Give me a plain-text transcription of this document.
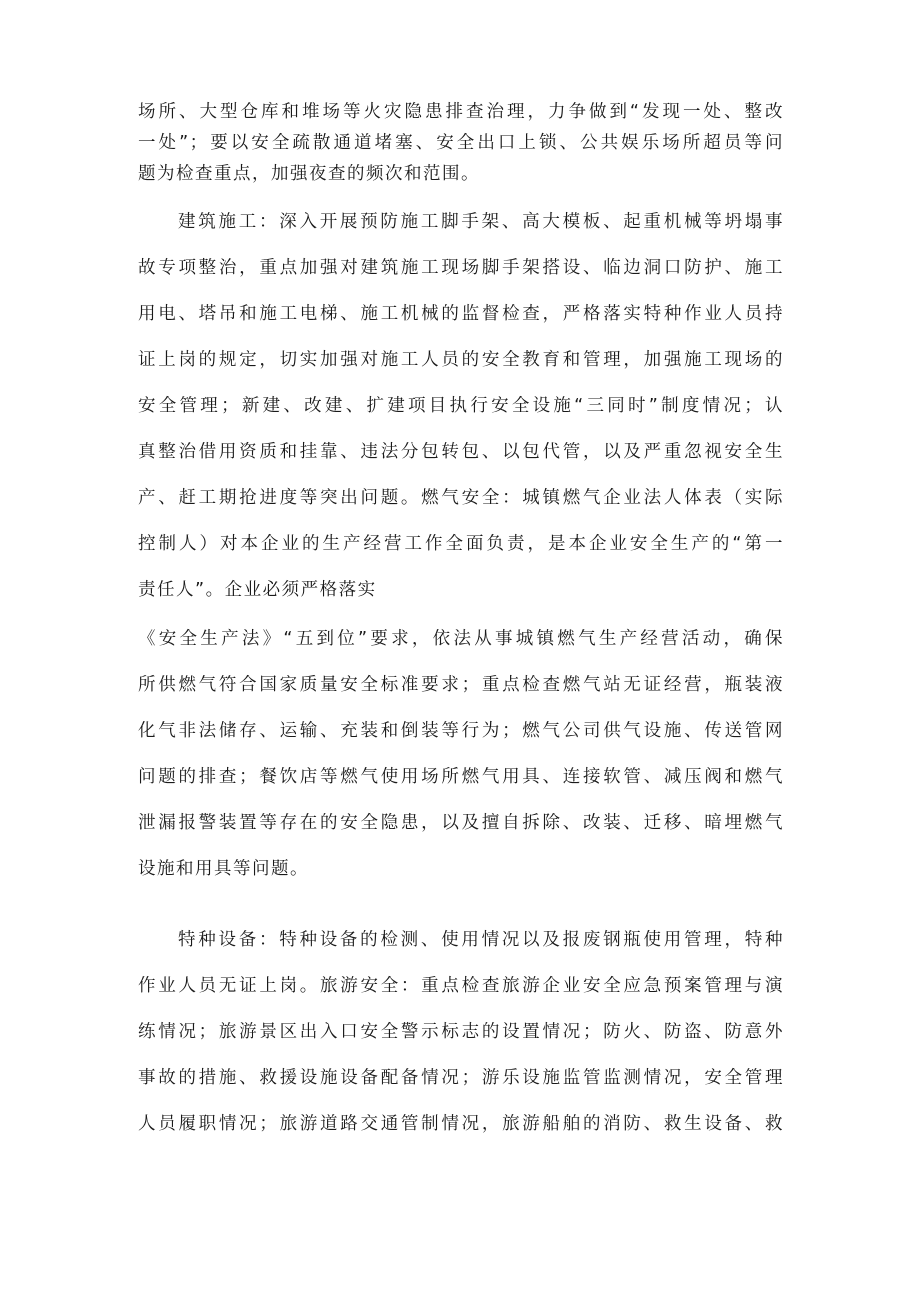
场所、大型仓库和堆场等火灾隐患排查治理，力争做到“发现一处、整改
一处”；要以安全疏散通道堵塞、安全出口上锁、公共娱乐场所超员等问
题为检查重点，加强夜查的频次和范围。
建筑施工：深入开展预防施工脚手架、高大模板、起重机械等坍塌事
故专项整治，重点加强对建筑施工现场脚手架搭设、临边洞口防护、施工
用电、塔吊和施工电梯、施工机械的监督检查，严格落实特种作业人员持
证上岗的规定，切实加强对施工人员的安全教育和管理，加强施工现场的
安全管理；新建、改建、扩建项目执行安全设施“三同时”制度情况；认
真整治借用资质和挂靠、违法分包转包、以包代管，以及严重忽视安全生
产、赶工期抢进度等突出问题。燃气安全：城镇燃气企业法人体表（实际
控制人）对本企业的生产经营工作全面负责，是本企业安全生产的“第一
责任人”。企业必须严格落实
《安全生产法》“五到位”要求，依法从事城镇燃气生产经营活动，确保
所供燃气符合国家质量安全标准要求；重点检查燃气站无证经营，瓶装液
化气非法储存、运输、充装和倒装等行为；燃气公司供气设施、传送管网
问题的排查；餐饮店等燃气使用场所燃气用具、连接软管、减压阀和燃气
泄漏报警装置等存在的安全隐患，以及擅自拆除、改装、迁移、暗埋燃气
设施和用具等问题。
特种设备：特种设备的检测、使用情况以及报废钢瓶使用管理，特种
作业人员无证上岗。旅游安全：重点检查旅游企业安全应急预案管理与演
练情况；旅游景区出入口安全警示标志的设置情况；防火、防盗、防意外
事故的措施、救援设施设备配备情况；游乐设施监管监测情况，安全管理
人员履职情况；旅游道路交通管制情况，旅游船舶的消防、救生设备、救
